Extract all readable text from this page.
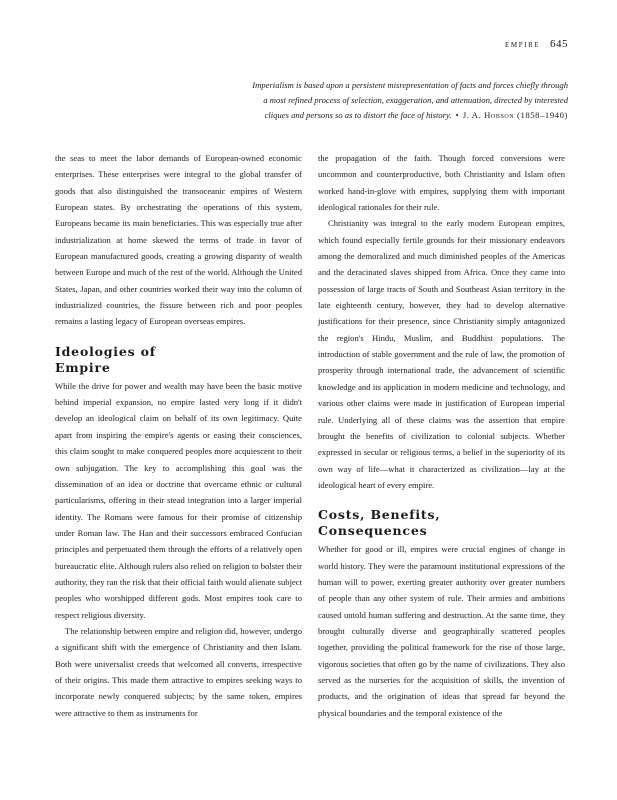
empire 645
Imperialism is based upon a persistent misrepresentation of facts and forces chiefly through a most refined process of selection, exaggeration, and attenuation, directed by interested cliques and persons so as to distort the face of history. • J. A. Hobson (1858–1940)

the seas to meet the labor demands of European-owned economic enterprises. These enterprises were integral to the global transfer of goods that also distinguished the transoceanic empires of Western European states. By orchestrating the operations of this system, Europeans became its main beneficiaries. This was especially true after industrialization at home skewed the terms of trade in favor of European manufactured goods, creating a growing disparity of wealth between Europe and much of the rest of the world. Although the United States, Japan, and other countries worked their way into the column of industrialized countries, the fissure between rich and poor peoples remains a lasting legacy of European overseas empires.

Ideologies of
Empire

While the drive for power and wealth may have been the basic motive behind imperial expansion, no empire lasted very long if it didn't develop an ideological claim on behalf of its own legitimacy. Quite apart from inspiring the empire's agents or easing their consciences, this claim sought to make conquered peoples more acquiescent to their own subjugation. The key to accomplishing this goal was the dissemination of an idea or doctrine that overcame ethnic or cultural particularisms, offering in their stead integration into a larger imperial identity. The Romans were famous for their promise of citizenship under Roman law. The Han and their successors embraced Confucian principles and perpetuated them through the efforts of a relatively open bureaucratic elite. Although rulers also relied on religion to bolster their authority, they ran the risk that their official faith would alienate subject peoples who worshipped different gods. Most empires took care to respect religious diversity.

The relationship between empire and religion did, however, undergo a significant shift with the emergence of Christianity and then Islam. Both were universalist creeds that welcomed all converts, irrespective of their origins. This made them attractive to empires seeking ways to incorporate newly conquered subjects; by the same token, empires were attractive to them as instruments for

the propagation of the faith. Though forced conversions were uncommon and counterproductive, both Christianity and Islam often worked hand-in-glove with empires, supplying them with important ideological rationales for their rule.

Christianity was integral to the early modern European empires, which found especially fertile grounds for their missionary endeavors among the demoralized and much diminished peoples of the Americas and the deracinated slaves shipped from Africa. Once they came into possession of large tracts of South and Southeast Asian territory in the late eighteenth century, however, they had to develop alternative justifications for their presence, since Christianity simply antagonized the region's Hindu, Muslim, and Buddhist populations. The introduction of stable government and the rule of law, the promotion of prosperity through international trade, the advancement of scientific knowledge and its application in modern medicine and technology, and various other claims were made in justification of European imperial rule. Underlying all of these claims was the assertion that empire brought the benefits of civilization to colonial subjects. Whether expressed in secular or religious terms, a belief in the superiority of its own way of life—what it characterized as civilization—lay at the ideological heart of every empire.

Costs, Benefits,
Consequences

Whether for good or ill, empires were crucial engines of change in world history. They were the paramount institutional expressions of the human will to power, exerting greater authority over greater numbers of people than any other system of rule. Their armies and ambitions caused untold human suffering and destruction. At the same time, they brought culturally diverse and geographically scattered peoples together, providing the political framework for the rise of those large, vigorous societies that often go by the name of civilizations. They also served as the nurseries for the acquisition of skills, the invention of products, and the origination of ideas that spread far beyond the physical boundaries and the temporal existence of the
